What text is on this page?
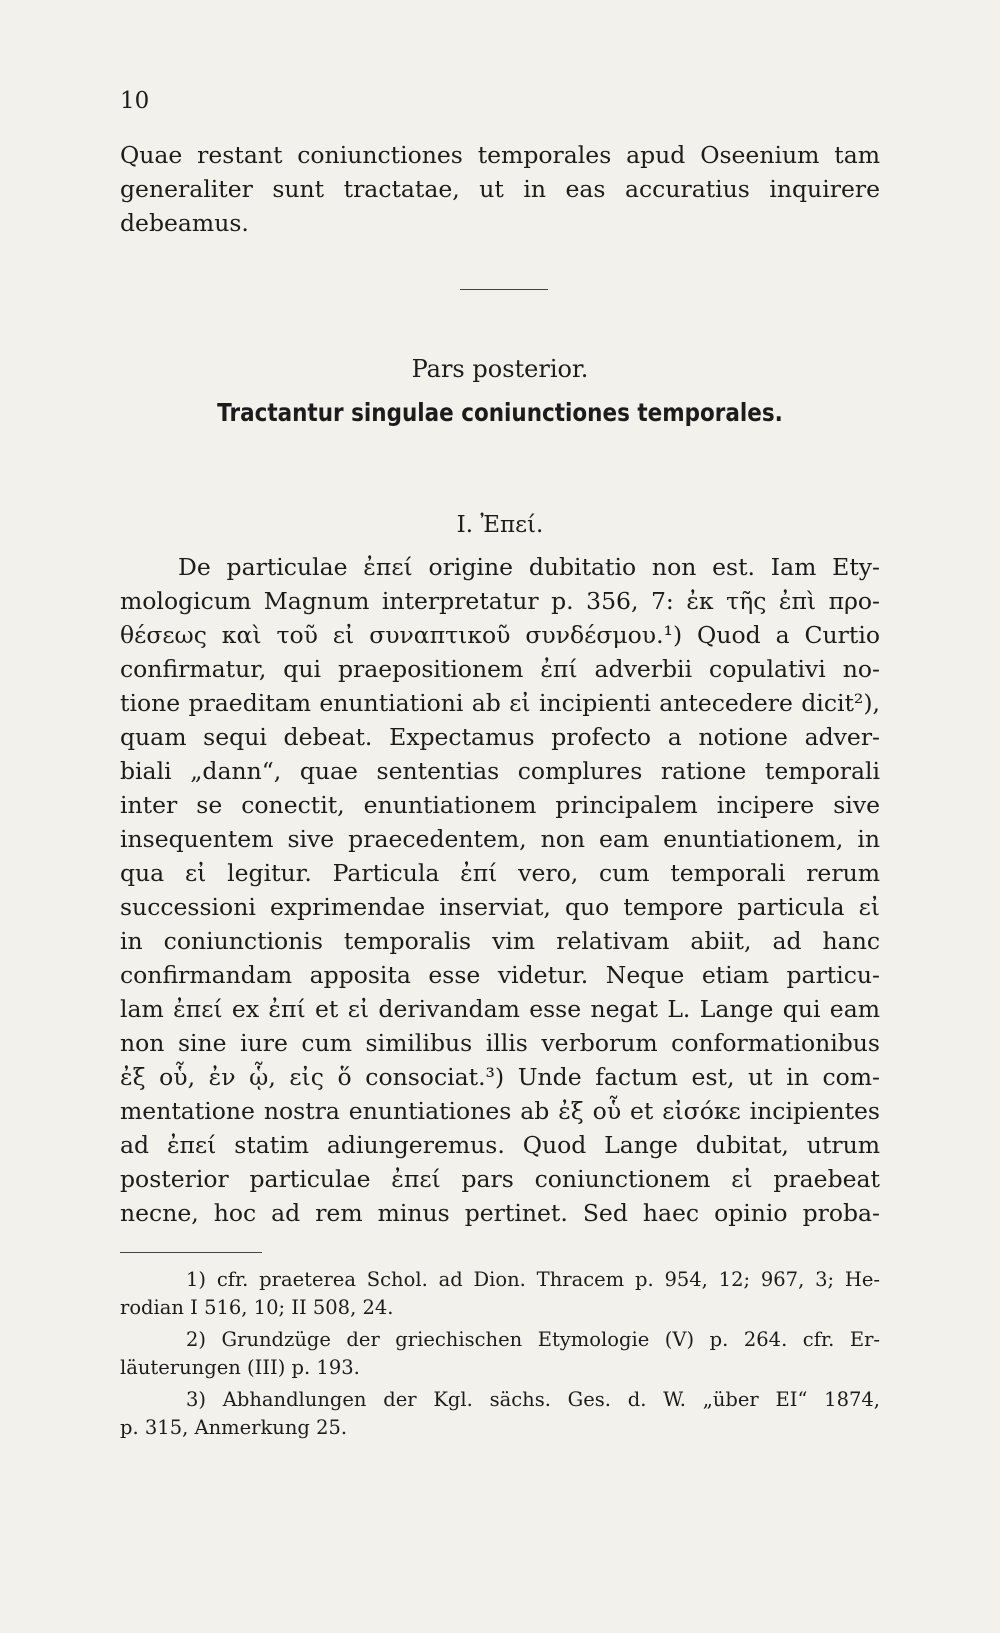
10
Quae restant coniunctiones temporales apud Oseenium tam
generaliter sunt tractatae, ut in eas accuratius inquirere
debeamus.
Pars posterior.
Tractantur singulae coniunctiones temporales.
I. Ἐπεί.
De particulae ἐπεί origine dubitatio non est. Iam Ety-
mologicum Magnum interpretatur p. 356, 7: ἐκ τῆς ἐπὶ προ-
θέσεως καὶ τοῦ εἰ συναπτικοῦ συνδέσμου.¹) Quod a Curtio
confirmatur, qui praepositionem ἐπί adverbii copulativi no-
tione praeditam enuntiationi ab εἰ incipienti antecedere dicit²),
quam sequi debeat. Expectamus profecto a notione adver-
biali „dann“, quae sententias complures ratione temporali
inter se conectit, enuntiationem principalem incipere sive
insequentem sive praecedentem, non eam enuntiationem, in
qua εἰ legitur. Particula ἐπί vero, cum temporali rerum
successioni exprimendae inserviat, quo tempore particula εἰ
in coniunctionis temporalis vim relativam abiit, ad hanc
confirmandam apposita esse videtur. Neque etiam particu-
lam ἐπεί ex ἐπί et εἰ derivandam esse negat L. Lange qui eam
non sine iure cum similibus illis verborum conformationibus
ἐξ οὗ, ἐν ᾧ, εἰς ὅ consociat.³) Unde factum est, ut in com-
mentatione nostra enuntiationes ab ἐξ οὗ et εἰσόκε incipientes
ad ἐπεί statim adiungeremus. Quod Lange dubitat, utrum
posterior particulae ἐπεί pars coniunctionem εἰ praebeat
necne, hoc ad rem minus pertinet. Sed haec opinio proba-
1) cfr. praeterea Schol. ad Dion. Thracem p. 954, 12; 967, 3; He-
rodian I 516, 10; II 508, 24.
2) Grundzüge der griechischen Etymologie (V) p. 264. cfr. Er-
läuterungen (III) p. 193.
3) Abhandlungen der Kgl. sächs. Ges. d. W. „über ΕΙ“ 1874,
p. 315, Anmerkung 25.
